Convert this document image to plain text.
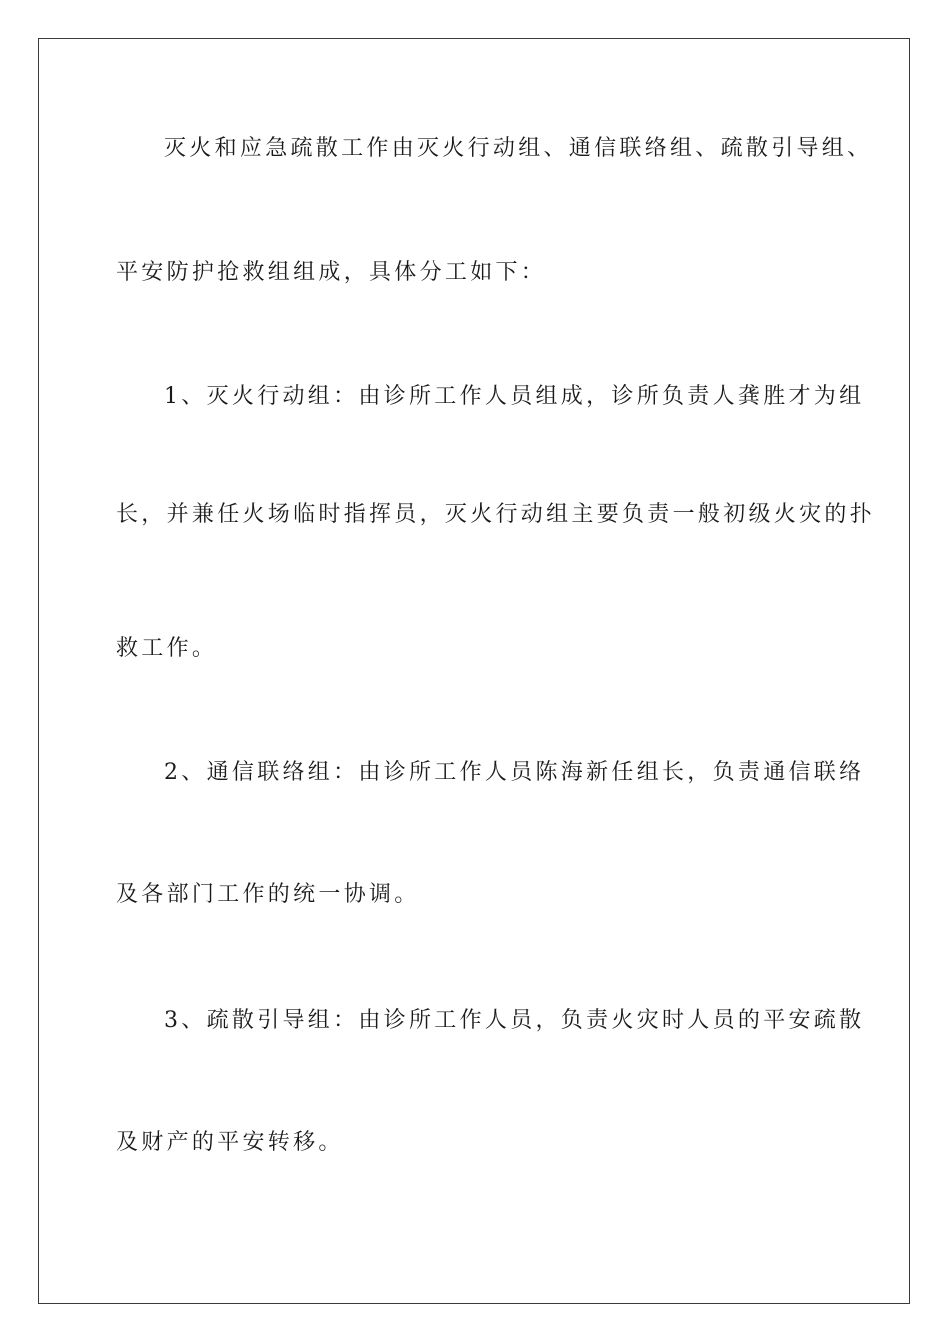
灭火和应急疏散工作由灭火行动组、通信联络组、疏散引导组、

平安防护抢救组组成，具体分工如下：

1、灭火行动组：由诊所工作人员组成，诊所负责人龚胜才为组

长，并兼任火场临时指挥员，灭火行动组主要负责一般初级火灾的扑

救工作。

2、通信联络组：由诊所工作人员陈海新任组长，负责通信联络

及各部门工作的统一协调。

3、疏散引导组：由诊所工作人员，负责火灾时人员的平安疏散

及财产的平安转移。
